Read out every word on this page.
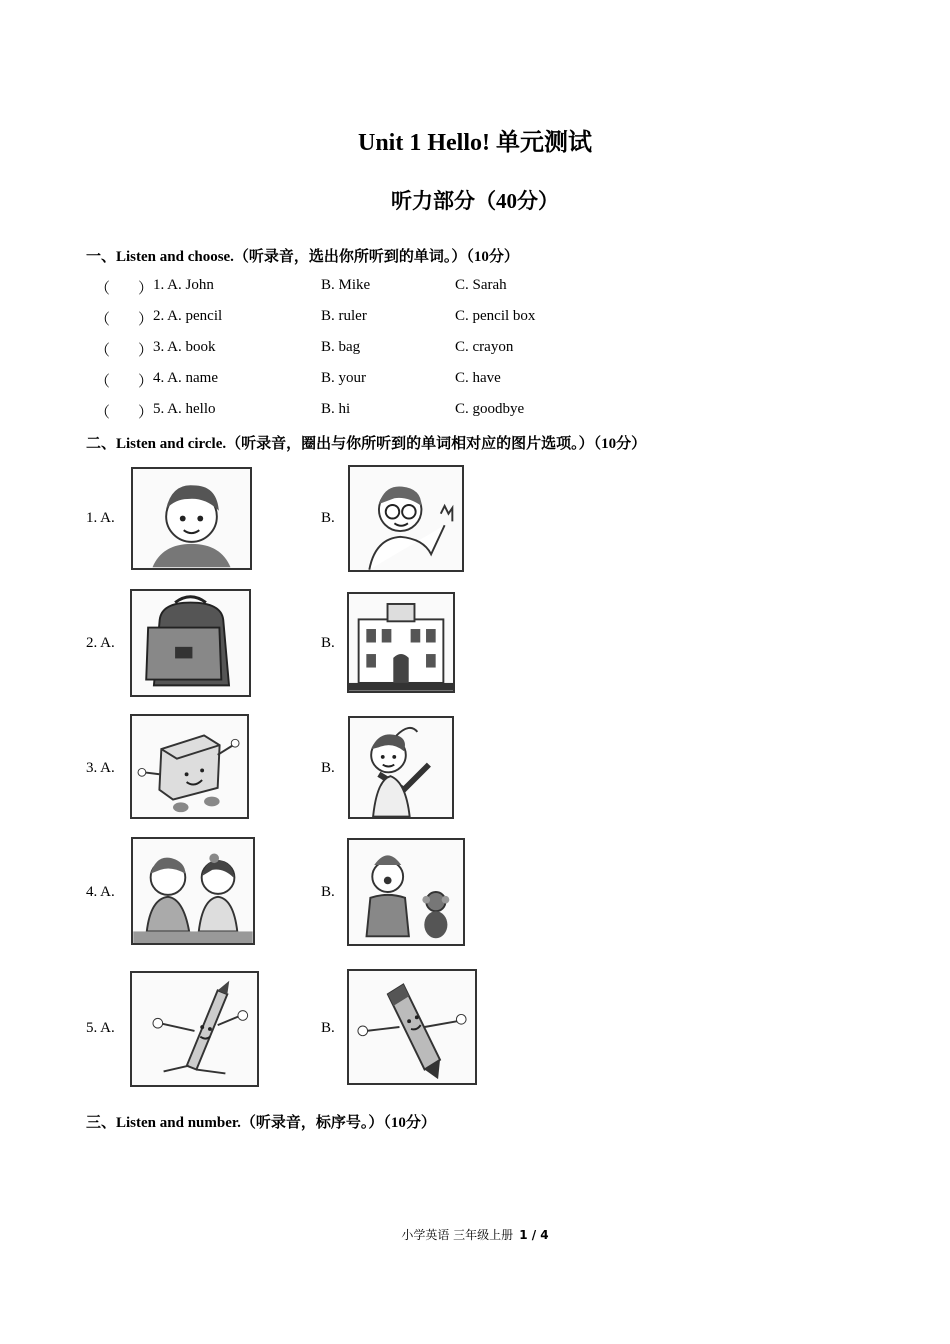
Unit 1 Hello! 单元测试
听力部分（40分）
一、Listen and choose.（听录音，选出你所听到的单词。）（10分）
（ ） 1. A. John	B. Mike	C. Sarah
（ ） 2. A. pencil	B. ruler	C. pencil box
（ ） 3. A. book	B. bag	C. crayon
（ ） 4. A. name	B. your	C. have
（ ） 5. A. hello	B. hi	C. goodbye
二、Listen and circle.（听录音，圈出与你所听到的单词相对应的图片选项。）（10分）
1. A.	B.
2. A.	B.
3. A.	B.
4. A.	B.
5. A.	B.
三、Listen and number.（听录音，标序号。）（10分）
小学英语 三年级上册 1 / 4
